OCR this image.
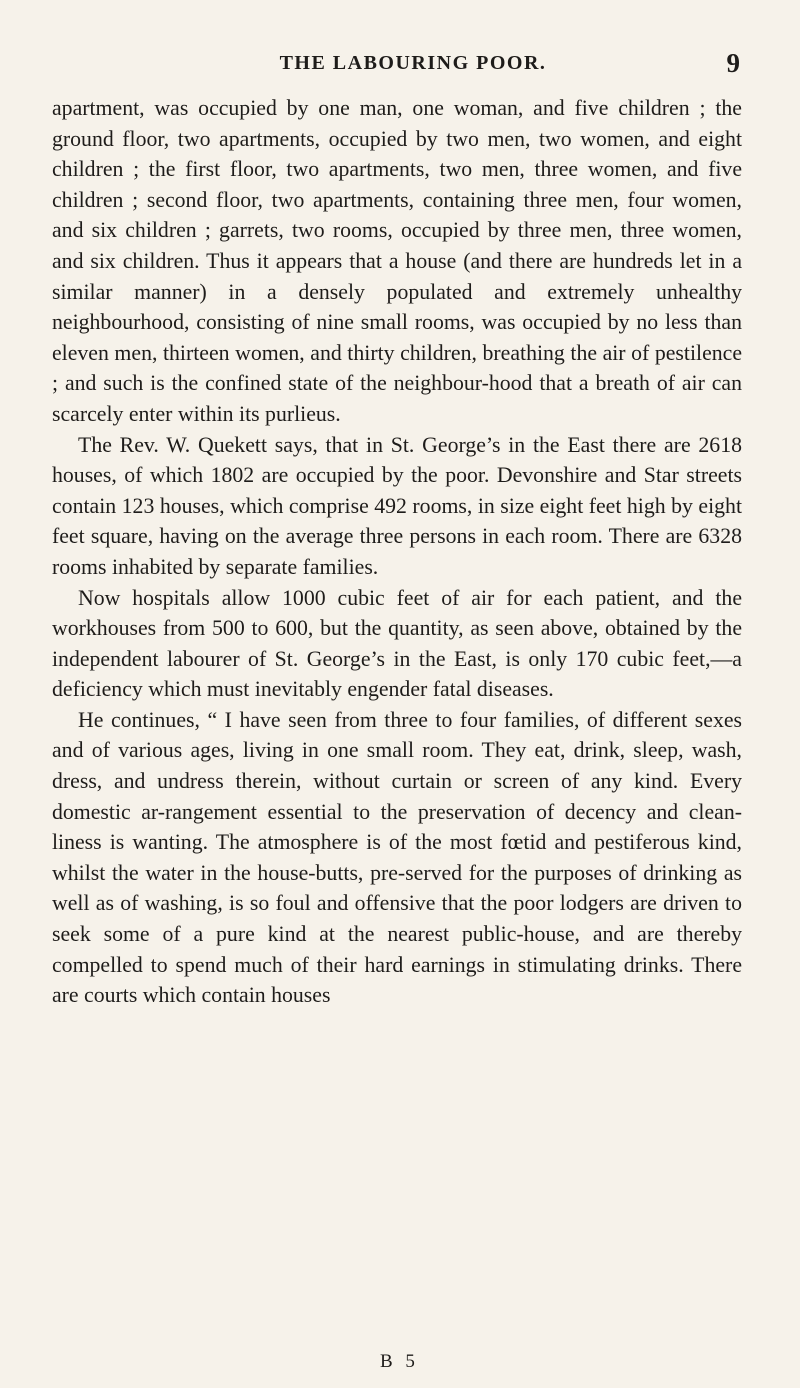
THE LABOURING POOR.	9

apartment, was occupied by one man, one woman, and five children ; the ground floor, two apartments, occupied by two men, two women, and eight children ; the first floor, two apartments, two men, three women, and five children ; second floor, two apartments, containing three men, four women, and six children ; garrets, two rooms, occupied by three men, three women, and six children. Thus it appears that a house (and there are hundreds let in a similar manner) in a densely populated and extremely unhealthy neighbourhood, consisting of nine small rooms, was occupied by no less than eleven men, thirteen women, and thirty children, breathing the air of pestilence ; and such is the confined state of the neighbour-hood that a breath of air can scarcely enter within its purlieus.

The Rev. W. Quekett says, that in St. George’s in the East there are 2618 houses, of which 1802 are occupied by the poor. Devonshire and Star streets contain 123 houses, which comprise 492 rooms, in size eight feet high by eight feet square, having on the average three persons in each room. There are 6328 rooms inhabited by separate families.

Now hospitals allow 1000 cubic feet of air for each patient, and the workhouses from 500 to 600, but the quantity, as seen above, obtained by the independent labourer of St. George’s in the East, is only 170 cubic feet,—a deficiency which must inevitably engender fatal diseases.

He continues, “ I have seen from three to four families, of different sexes and of various ages, living in one small room. They eat, drink, sleep, wash, dress, and undress therein, without curtain or screen of any kind. Every domestic ar-rangement essential to the preservation of decency and clean-liness is wanting. The atmosphere is of the most fœtid and pestiferous kind, whilst the water in the house-butts, pre-served for the purposes of drinking as well as of washing, is so foul and offensive that the poor lodgers are driven to seek some of a pure kind at the nearest public-house, and are thereby compelled to spend much of their hard earnings in stimulating drinks. There are courts which contain houses

B 5
